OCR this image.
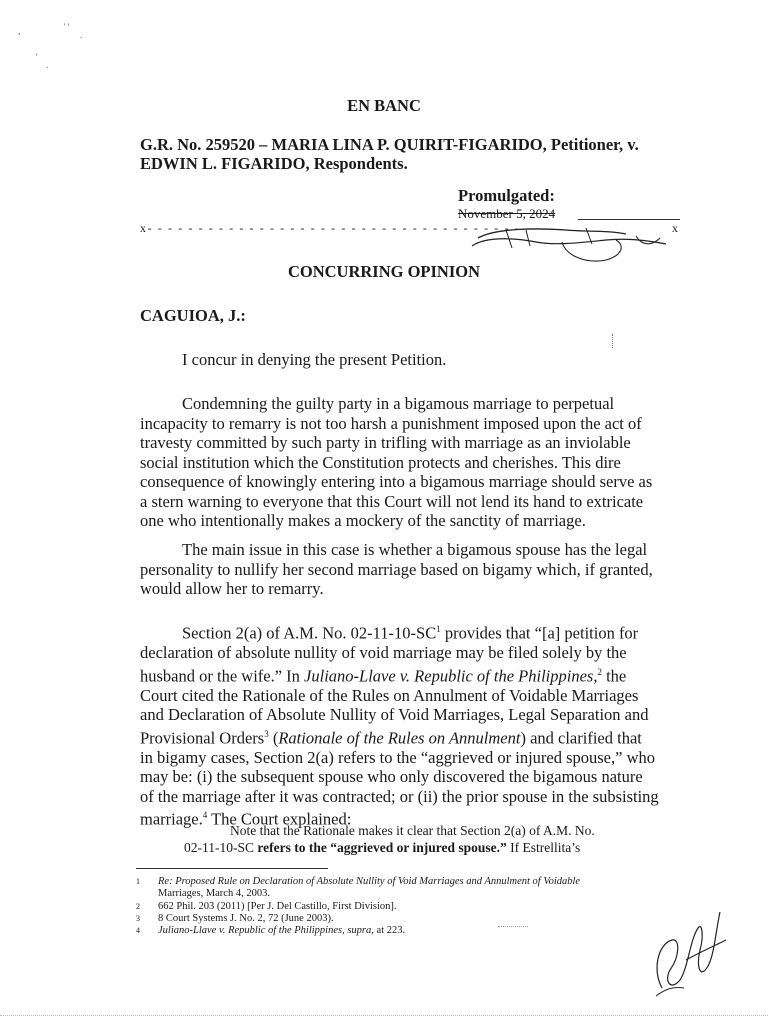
,	' '
.
'
.
EN BANC
G.R. No. 259520 – MARIA LINA P. QUIRIT-FIGARIDO, Petitioner, v.
EDWIN L. FIGARIDO, Respondents.
Promulgated:
November 5, 2024
x- - - - - - - - - - - - - - - - - - - - - - - - - - - - - - - - - - - - - -	x
CONCURRING OPINION
CAGUIOA, J.:
I concur in denying the present Petition.
Condemning the guilty party in a bigamous marriage to perpetual
incapacity to remarry is not too harsh a punishment imposed upon the act of
travesty committed by such party in trifling with marriage as an inviolable
social institution which the Constitution protects and cherishes. This dire
consequence of knowingly entering into a bigamous marriage should serve as
a stern warning to everyone that this Court will not lend its hand to extricate
one who intentionally makes a mockery of the sanctity of marriage.
The main issue in this case is whether a bigamous spouse has the legal
personality to nullify her second marriage based on bigamy which, if granted,
would allow her to remarry.
Section 2(a) of A.M. No. $02-11-10-SC^1$ provides that “[a] petition for
declaration of absolute nullity of void marriage may be filed solely by the
husband or the wife.” In Juliano-Llave v. Republic of the Philippines,$^2$ the
Court cited the Rationale of the Rules on Annulment of Voidable Marriages
and Declaration of Absolute Nullity of Void Marriages, Legal Separation and
Provisional Orders$^3$ (Rationale of the Rules on Annulment) and clarified that
in bigamy cases, Section 2(a) refers to the “aggrieved or injured spouse,” who
may be: (i) the subsequent spouse who only discovered the bigamous nature
of the marriage after it was contracted; or (ii) the prior spouse in the subsisting
marriage.$^4$ The Court explained:
Note that the Rationale makes it clear that Section 2(a) of A.M. No.
02-11-10-SC refers to the “aggrieved or injured spouse.” If Estrellita’s
1 Re: Proposed Rule on Declaration of Absolute Nullity of Void Marriages and Annulment of Voidable
Marriages, March 4, 2003.
2 662 Phil. 203 (2011) [Per J. Del Castillo, First Division].
3 8 Court Systems J. No. 2, 72 (June 2003).
4 Juliano-Llave v. Republic of the Philippines, supra, at 223.
